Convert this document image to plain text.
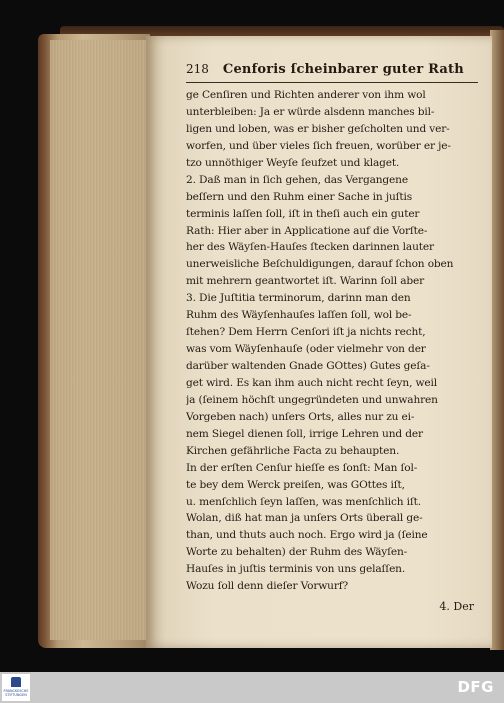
218 Cenforis ſcheinbarer guter Rath
ge Cenſiren und Richten anderer von ihm wol
unterbleiben: Ja er würde alsdenn manches bil-
ligen und loben, was er bisher geſcholten und ver-
worfen, und über vieles ſich freuen, worüber er je-
tzo unnöthiger Weyſe ſeufzet und klaget.
2. Daß man in ſich gehen, das Vergangene
beſſern und den Ruhm einer Sache in juſtis
terminis laſſen ſoll, iſt in theſi auch ein guter
Rath: Hier aber in Applicatione auf die Vorſte-
her des Wäyſen-Hauſes ſtecken darinnen lauter
unerweisliche Beſchuldigungen, darauf ſchon oben
mit mehrern geantwortet iſt. Warinn ſoll aber
3. Die Juſtitia terminorum, darinn man den
Ruhm des Wäyſenhauſes laſſen ſoll, wol be-
ſtehen? Dem Herrn Cenſori iſt ja nichts recht,
was vom Wäyſenhauſe (oder vielmehr von der
darüber waltenden Gnade GOttes) Gutes geſa-
get wird. Es kan ihm auch nicht recht ſeyn, weil
ja (ſeinem höchſt ungegründeten und unwahren
Vorgeben nach) unſers Orts, alles nur zu ei-
nem Siegel dienen ſoll, irrige Lehren und der
Kirchen gefährliche Facta zu behaupten.
In der erſten Cenſur hieſſe es ſonſt: Man ſol-
te bey dem Werck preiſen, was GOttes iſt,
u. menſchlich ſeyn laſſen, was menſchlich iſt.
Wolan, diß hat man ja unſers Orts überall ge-
than, und thuts auch noch. Ergo wird ja (ſeine
Worte zu behalten) der Ruhm des Wäyſen-
Hauſes in juſtis terminis von uns gelaſſen.
Wozu ſoll denn dieſer Vorwurf?
4. Der
FRANCKESCHE STIFTUNGEN	DFG
